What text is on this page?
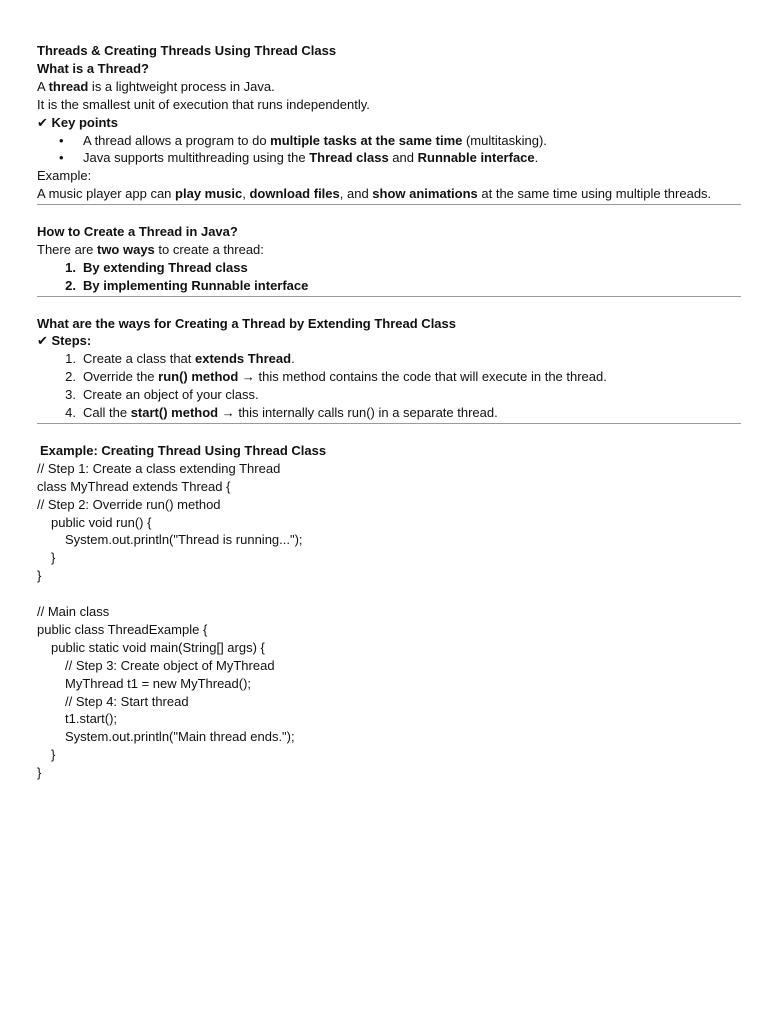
Threads & Creating Threads Using Thread Class
What is a Thread?
A thread is a lightweight process in Java.
It is the smallest unit of execution that runs independently.
✔ Key points
• A thread allows a program to do multiple tasks at the same time (multitasking).
• Java supports multithreading using the Thread class and Runnable interface.
Example:
A music player app can play music, download files, and show animations at the same time using multiple threads.
How to Create a Thread in Java?
There are two ways to create a thread:
1. By extending Thread class
2. By implementing Runnable interface
What are the ways for Creating a Thread by Extending Thread Class
✔ Steps:
1. Create a class that extends Thread.
2. Override the run() method → this method contains the code that will execute in the thread.
3. Create an object of your class.
4. Call the start() method → this internally calls run() in a separate thread.
Example: Creating Thread Using Thread Class
// Step 1: Create a class extending Thread
class MyThread extends Thread {
// Step 2: Override run() method
public void run() {
System.out.println("Thread is running...");
}
}

// Main class
public class ThreadExample {
public static void main(String[] args) {
// Step 3: Create object of MyThread
MyThread t1 = new MyThread();
// Step 4: Start thread
t1.start();
System.out.println("Main thread ends.");
}
}
